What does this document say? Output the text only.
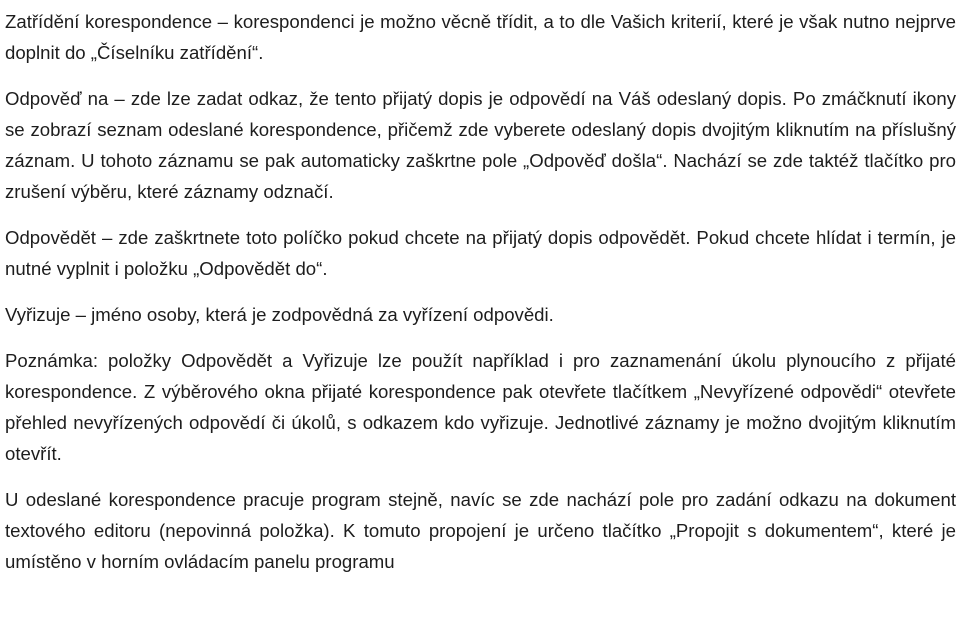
Zatřídění korespondence – korespondenci je možno věcně třídit, a to dle Vašich kriterií, které je však nutno nejprve doplnit do „Číselníku zatřídění“.

Odpověď na – zde lze zadat odkaz, že tento přijatý dopis je odpovědí na Váš odeslaný dopis. Po zmáčknutí ikony se zobrazí seznam odeslané korespondence, přičemž zde vyberete odeslaný dopis dvojitým kliknutím na příslušný záznam. U tohoto záznamu se pak automaticky zaškrtne pole „Odpověď došla“. Nachází se zde taktéž tlačítko pro zrušení výběru, které záznamy odznačí.

Odpovědět – zde zaškrtnete toto políčko pokud chcete na přijatý dopis odpovědět. Pokud chcete hlídat i termín, je nutné vyplnit i položku „Odpovědět do“.

Vyřizuje – jméno osoby, která je zodpovědná za vyřízení odpovědi.

Poznámka: položky Odpovědět a Vyřizuje lze použít například i pro zaznamenání úkolu plynoucího z přijaté korespondence. Z výběrového okna přijaté korespondence pak otevřete tlačítkem „Nevyřízené odpovědi“ otevřete přehled nevyřízených odpovědí či úkolů, s odkazem kdo vyřizuje. Jednotlivé záznamy je možno dvojitým kliknutím otevřít.

U odeslané korespondence pracuje program stejně, navíc se zde nachází pole pro zadání odkazu na dokument textového editoru (nepovinná položka). K tomuto propojení je určeno tlačítko „Propojit s dokumentem“, které je umístěno v horním ovládacím panelu programu
